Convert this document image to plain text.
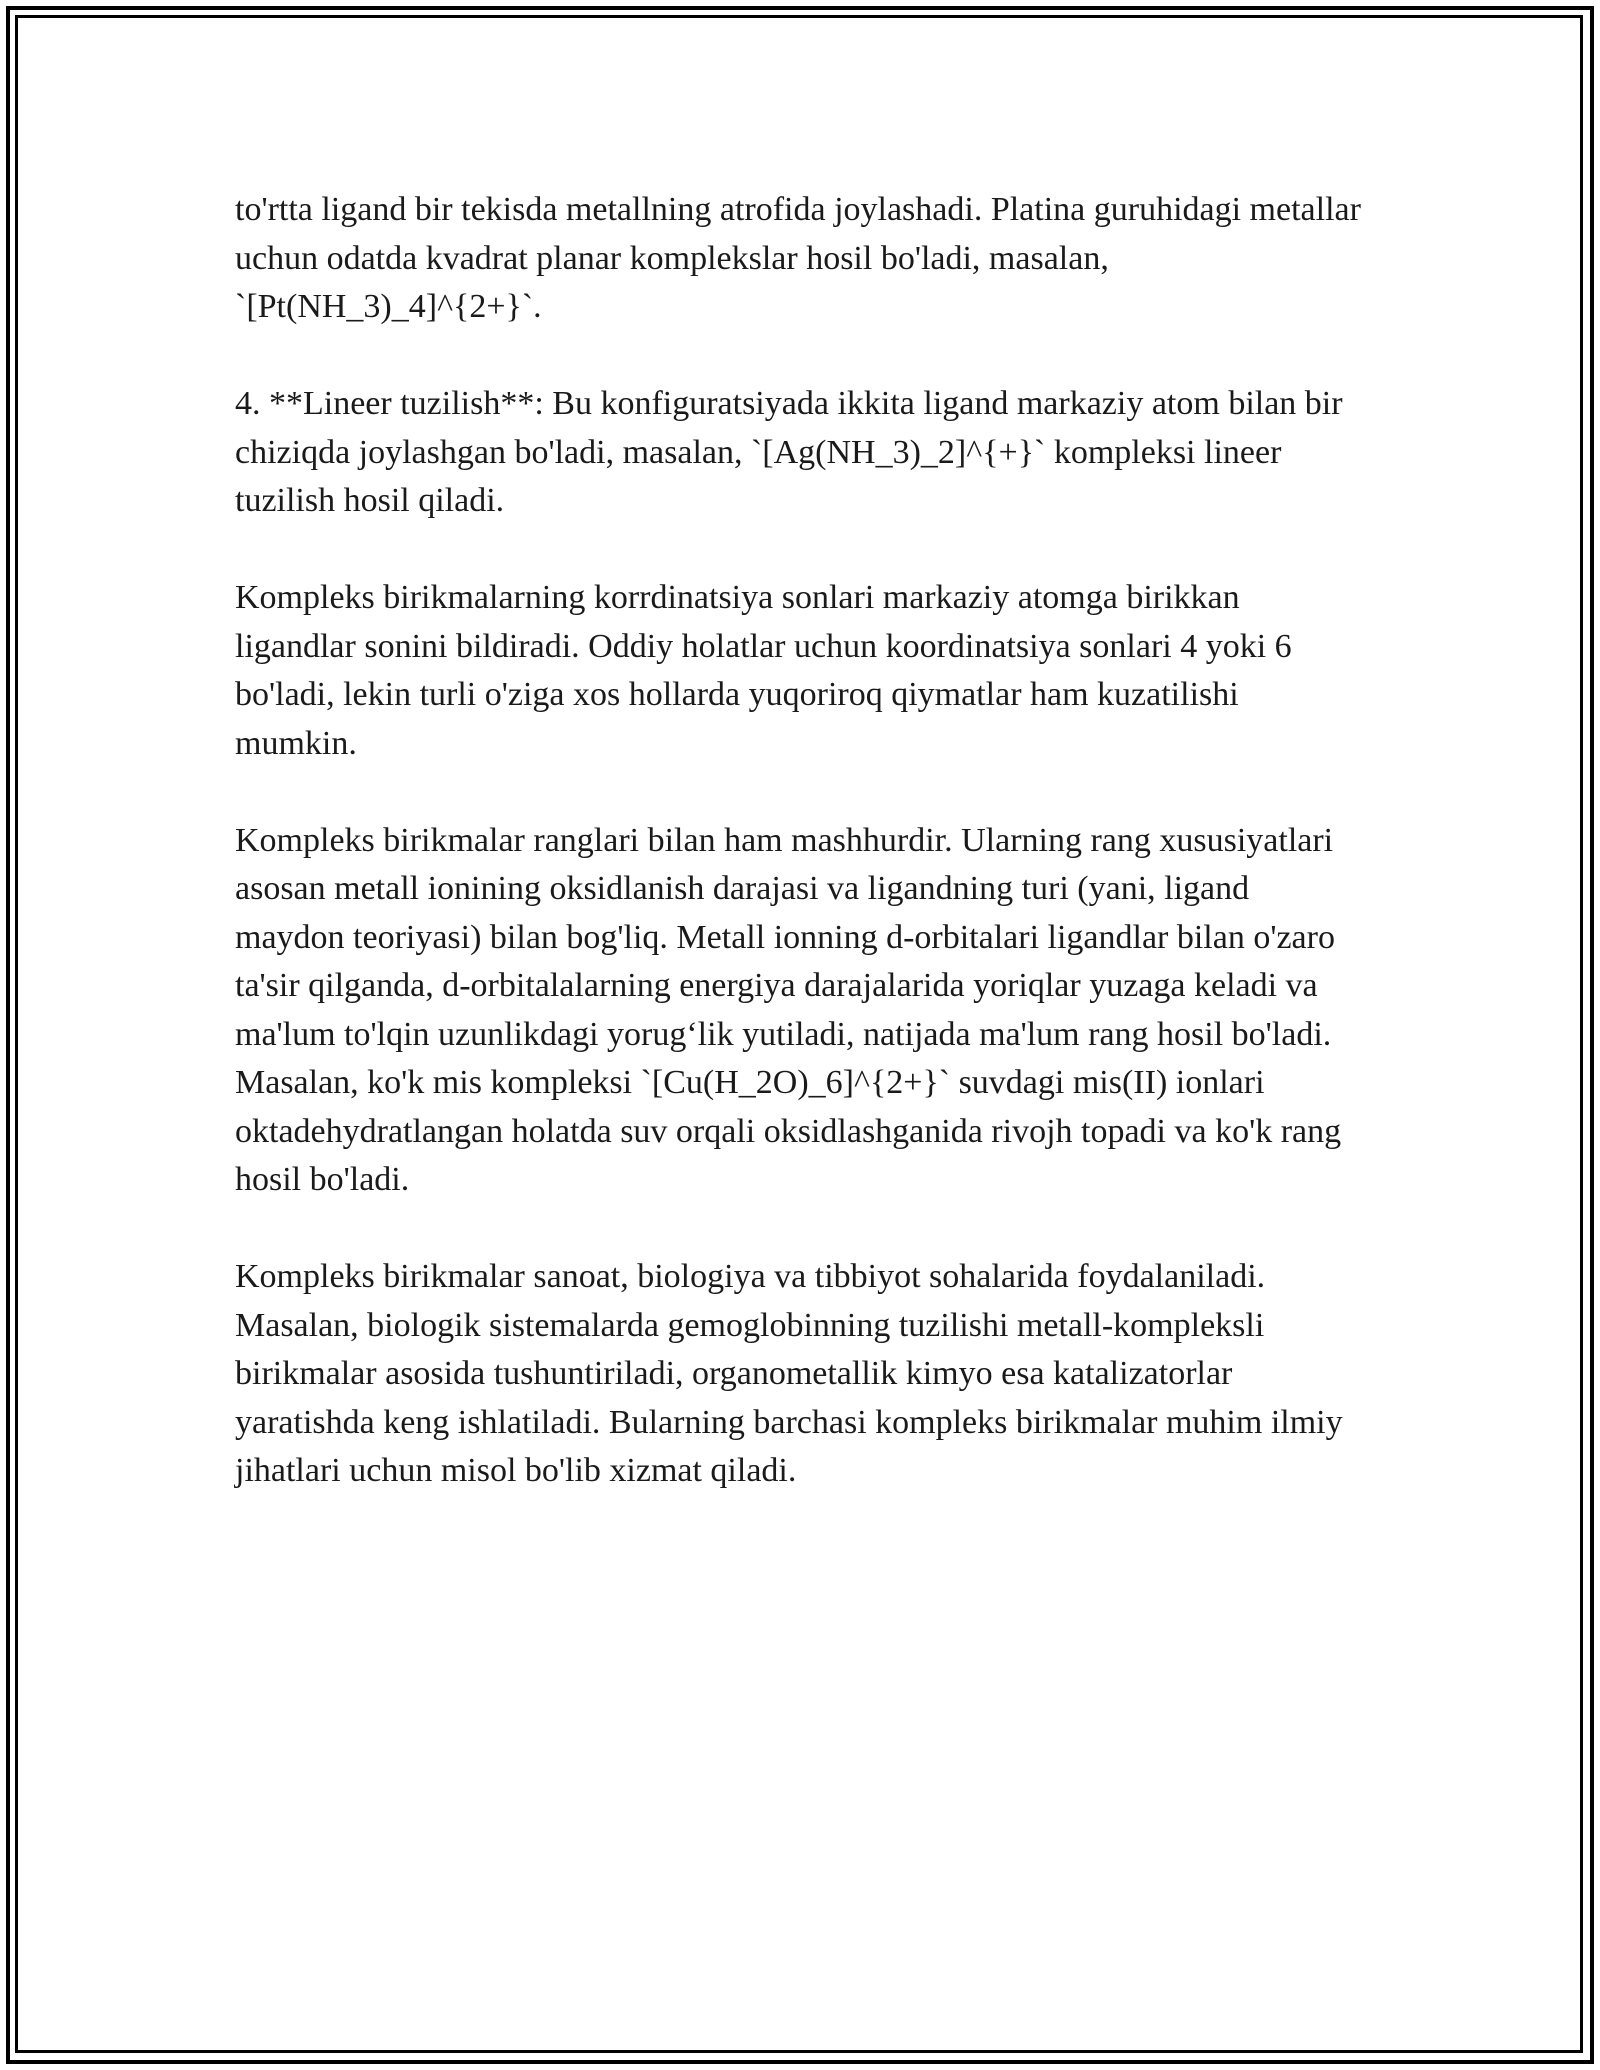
to'rtta ligand bir tekisda metallning atrofida joylashadi. Platina guruhidagi metallar uchun odatda kvadrat planar komplekslar hosil bo'ladi, masalan, `[Pt(NH_3)_4]^{2+}`.

4. **Lineer tuzilish**: Bu konfiguratsiyada ikkita ligand markaziy atom bilan bir chiziqda joylashgan bo'ladi, masalan, `[Ag(NH_3)_2]^{+}` kompleksi lineer tuzilish hosil qiladi.

Kompleks birikmalarning korrdinatsiya sonlari markaziy atomga birikkan ligandlar sonini bildiradi. Oddiy holatlar uchun koordinatsiya sonlari 4 yoki 6 bo'ladi, lekin turli o'ziga xos hollarda yuqoriroq qiymatlar ham kuzatilishi mumkin.

Kompleks birikmalar ranglari bilan ham mashhurdir. Ularning rang xususiyatlari asosan metall ionining oksidlanish darajasi va ligandning turi (yani, ligand maydon teoriyasi) bilan bog'liq. Metall ionning d-orbitalari ligandlar bilan o'zaro ta'sir qilganda, d-orbitalalarning energiya darajalarida yoriqlar yuzaga keladi va ma'lum to'lqin uzunlikdagi yorug‘lik yutiladi, natijada ma'lum rang hosil bo'ladi. Masalan, ko'k mis kompleksi `[Cu(H_2O)_6]^{2+}` suvdagi mis(II) ionlari oktadehydratlangan holatda suv orqali oksidlashganida rivojh topadi va ko'k rang hosil bo'ladi.

Kompleks birikmalar sanoat, biologiya va tibbiyot sohalarida foydalaniladi. Masalan, biologik sistemalarda gemoglobinning tuzilishi metall-kompleksli birikmalar asosida tushuntiriladi, organometallik kimyo esa katalizatorlar yaratishda keng ishlatiladi. Bularning barchasi kompleks birikmalar muhim ilmiy jihatlari uchun misol bo'lib xizmat qiladi.
